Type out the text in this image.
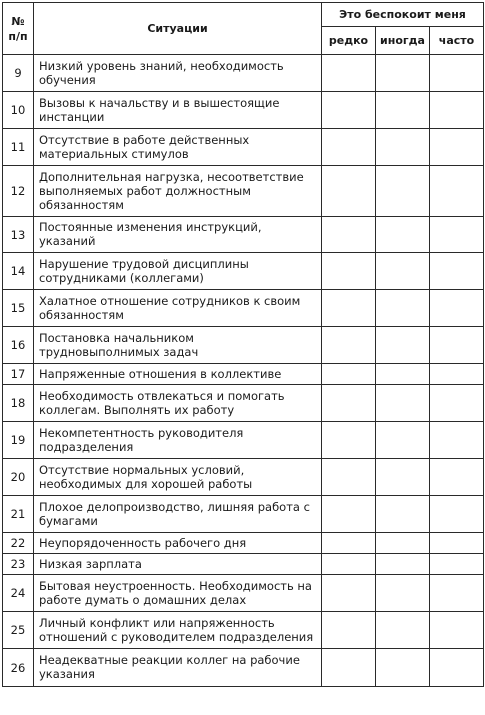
№
п/п	Ситуации	Это беспокоит меня		
		редко	иногда	часто
9	Низкий уровень знаний, необходимость обучения			
10	Вызовы к начальству и в вышестоящие инстанции			
11	Отсутствие в работе действенных материальных стимулов			
12	Дополнительная нагрузка, несоответствие выполняемых работ должностным обязанностям			
13	Постоянные изменения инструкций, указаний			
14	Нарушение трудовой дисциплины сотрудниками (коллегами)			
15	Халатное отношение сотрудников к своим обязанностям			
16	Постановка начальником трудновыполнимых задач			
17	Напряженные отношения в коллективе			
18	Необходимость отвлекаться и помогать коллегам. Выполнять их работу			
19	Некомпетентность руководителя подразделения			
20	Отсутствие нормальных условий, необходимых для хорошей работы			
21	Плохое делопроизводство, лишняя работа с бумагами			
22	Неупорядоченность рабочего дня			
23	Низкая зарплата			
24	Бытовая неустроенность. Необходимость на работе думать о домашних делах			
25	Личный конфликт или напряженность отношений с руководителем подразделения			
26	Неадекватные реакции коллег на рабочие указания			
